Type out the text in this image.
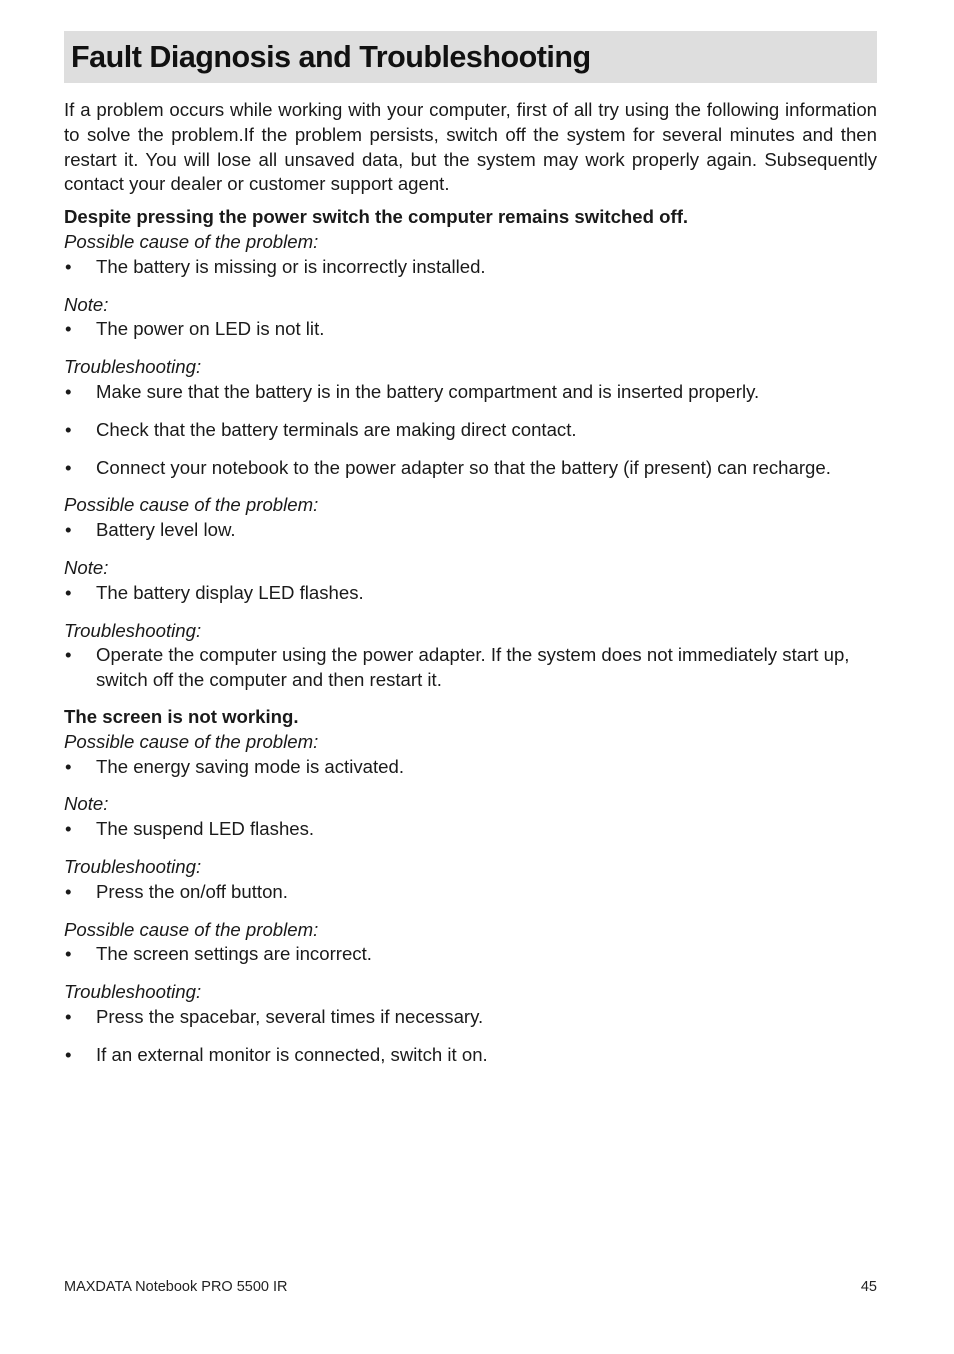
Fault Diagnosis and Troubleshooting

If a problem occurs while working with your computer, first of all try using the following information to solve the problem.If the problem persists, switch off the system for several minutes and then restart it. You will lose all unsaved data, but the system may work properly again. Subsequently contact your dealer or customer support agent.

Despite pressing the power switch the computer remains switched off.

Possible cause of the problem:

• The battery is missing or is incorrectly installed.

Note:

• The power on LED is not lit.

Troubleshooting:

• Make sure that the battery is in the battery compartment and is inserted properly.
• Check that the battery terminals are making direct contact.
• Connect your notebook to the power adapter so that the battery (if present) can recharge.

Possible cause of the problem:

• Battery level low.

Note:

• The battery display LED flashes.

Troubleshooting:

• Operate the computer using the power adapter. If the system does not immediately start up, switch off the computer and then restart it.

The screen is not working.

Possible cause of the problem:

• The energy saving mode is activated.

Note:

• The suspend LED flashes.

Troubleshooting:

• Press the on/off button.

Possible cause of the problem:

• The screen settings are incorrect.

Troubleshooting:

• Press the spacebar, several times if necessary.
• If an external monitor is connected, switch it on.
MAXDATA Notebook PRO 5500 IR	45
